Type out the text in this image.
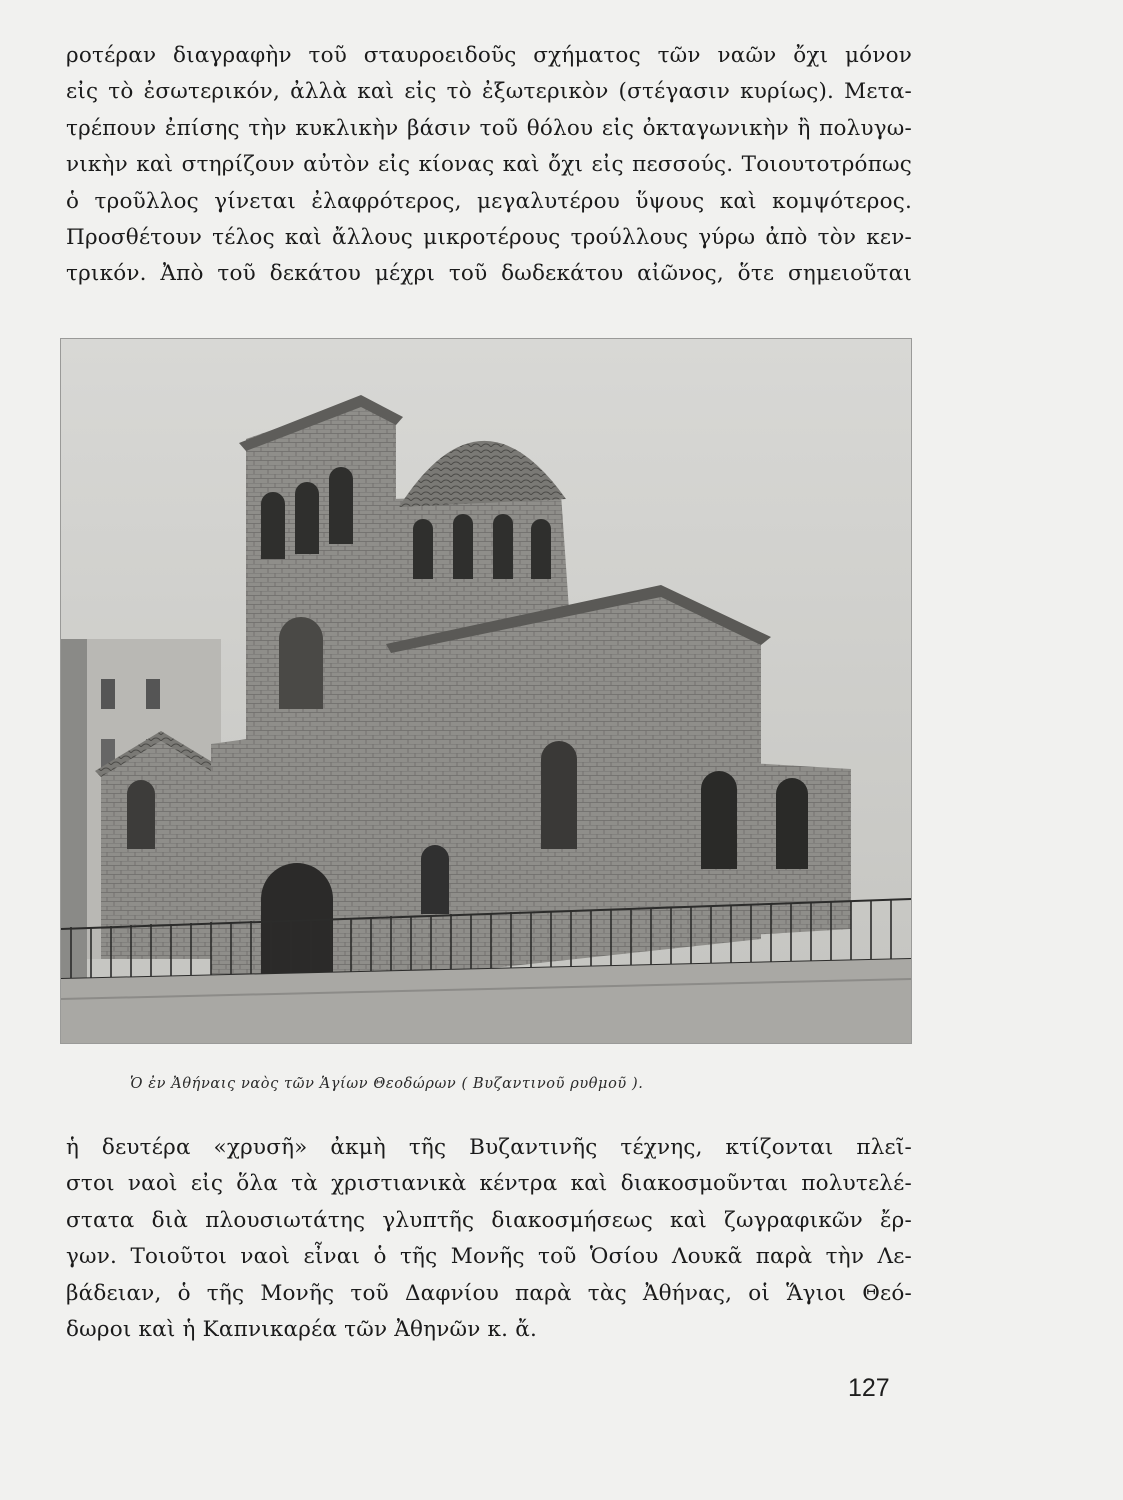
ροτέραν διαγραφὴν τοῦ σταυροειδοῦς σχήματος τῶν ναῶν ὄχι μόνον
εἰς τὸ ἐσωτερικόν, ἀλλὰ καὶ εἰς τὸ ἐξωτερικὸν (στέγασιν κυρίως). Μετα-
τρέπουν ἐπίσης τὴν κυκλικὴν βάσιν τοῦ θόλου εἰς ὀκταγωνικὴν ἢ πολυγω-
νικὴν καὶ στηρίζουν αὐτὸν εἰς κίονας καὶ ὄχι εἰς πεσσούς. Τοιουτοτρόπως
ὁ τροῦλλος γίνεται ἐλαφρότερος, μεγαλυτέρου ὕψους καὶ κομψότερος.
Προσθέτουν τέλος καὶ ἄλλους μικροτέρους τρούλλους γύρω ἀπὸ τὸν κεν-
τρικόν. Ἀπὸ τοῦ δεκάτου μέχρι τοῦ δωδεκάτου αἰῶνος, ὅτε σημειοῦται
Ὁ ἐν Ἀθήναις ναὸς τῶν Ἁγίων Θεοδώρων ( Βυζαντινοῦ ρυθμοῦ ).
ἡ δευτέρα «χρυσῆ» ἀκμὴ τῆς Βυζαντινῆς τέχνης, κτίζονται πλεῖ-
στοι ναοὶ εἰς ὅλα τὰ χριστιανικὰ κέντρα καὶ διακοσμοῦνται πολυτελέ-
στατα διὰ πλουσιωτάτης γλυπτῆς διακοσμήσεως καὶ ζωγραφικῶν ἔρ-
γων. Τοιοῦτοι ναοὶ εἶναι ὁ τῆς Μονῆς τοῦ Ὁσίου Λουκᾶ παρὰ τὴν Λε-
βάδειαν, ὁ τῆς Μονῆς τοῦ Δαφνίου παρὰ τὰς Ἀθήνας, οἱ Ἅγιοι Θεό-
δωροι καὶ ἡ Καπνικαρέα τῶν Ἀθηνῶν κ. ἄ.
127
